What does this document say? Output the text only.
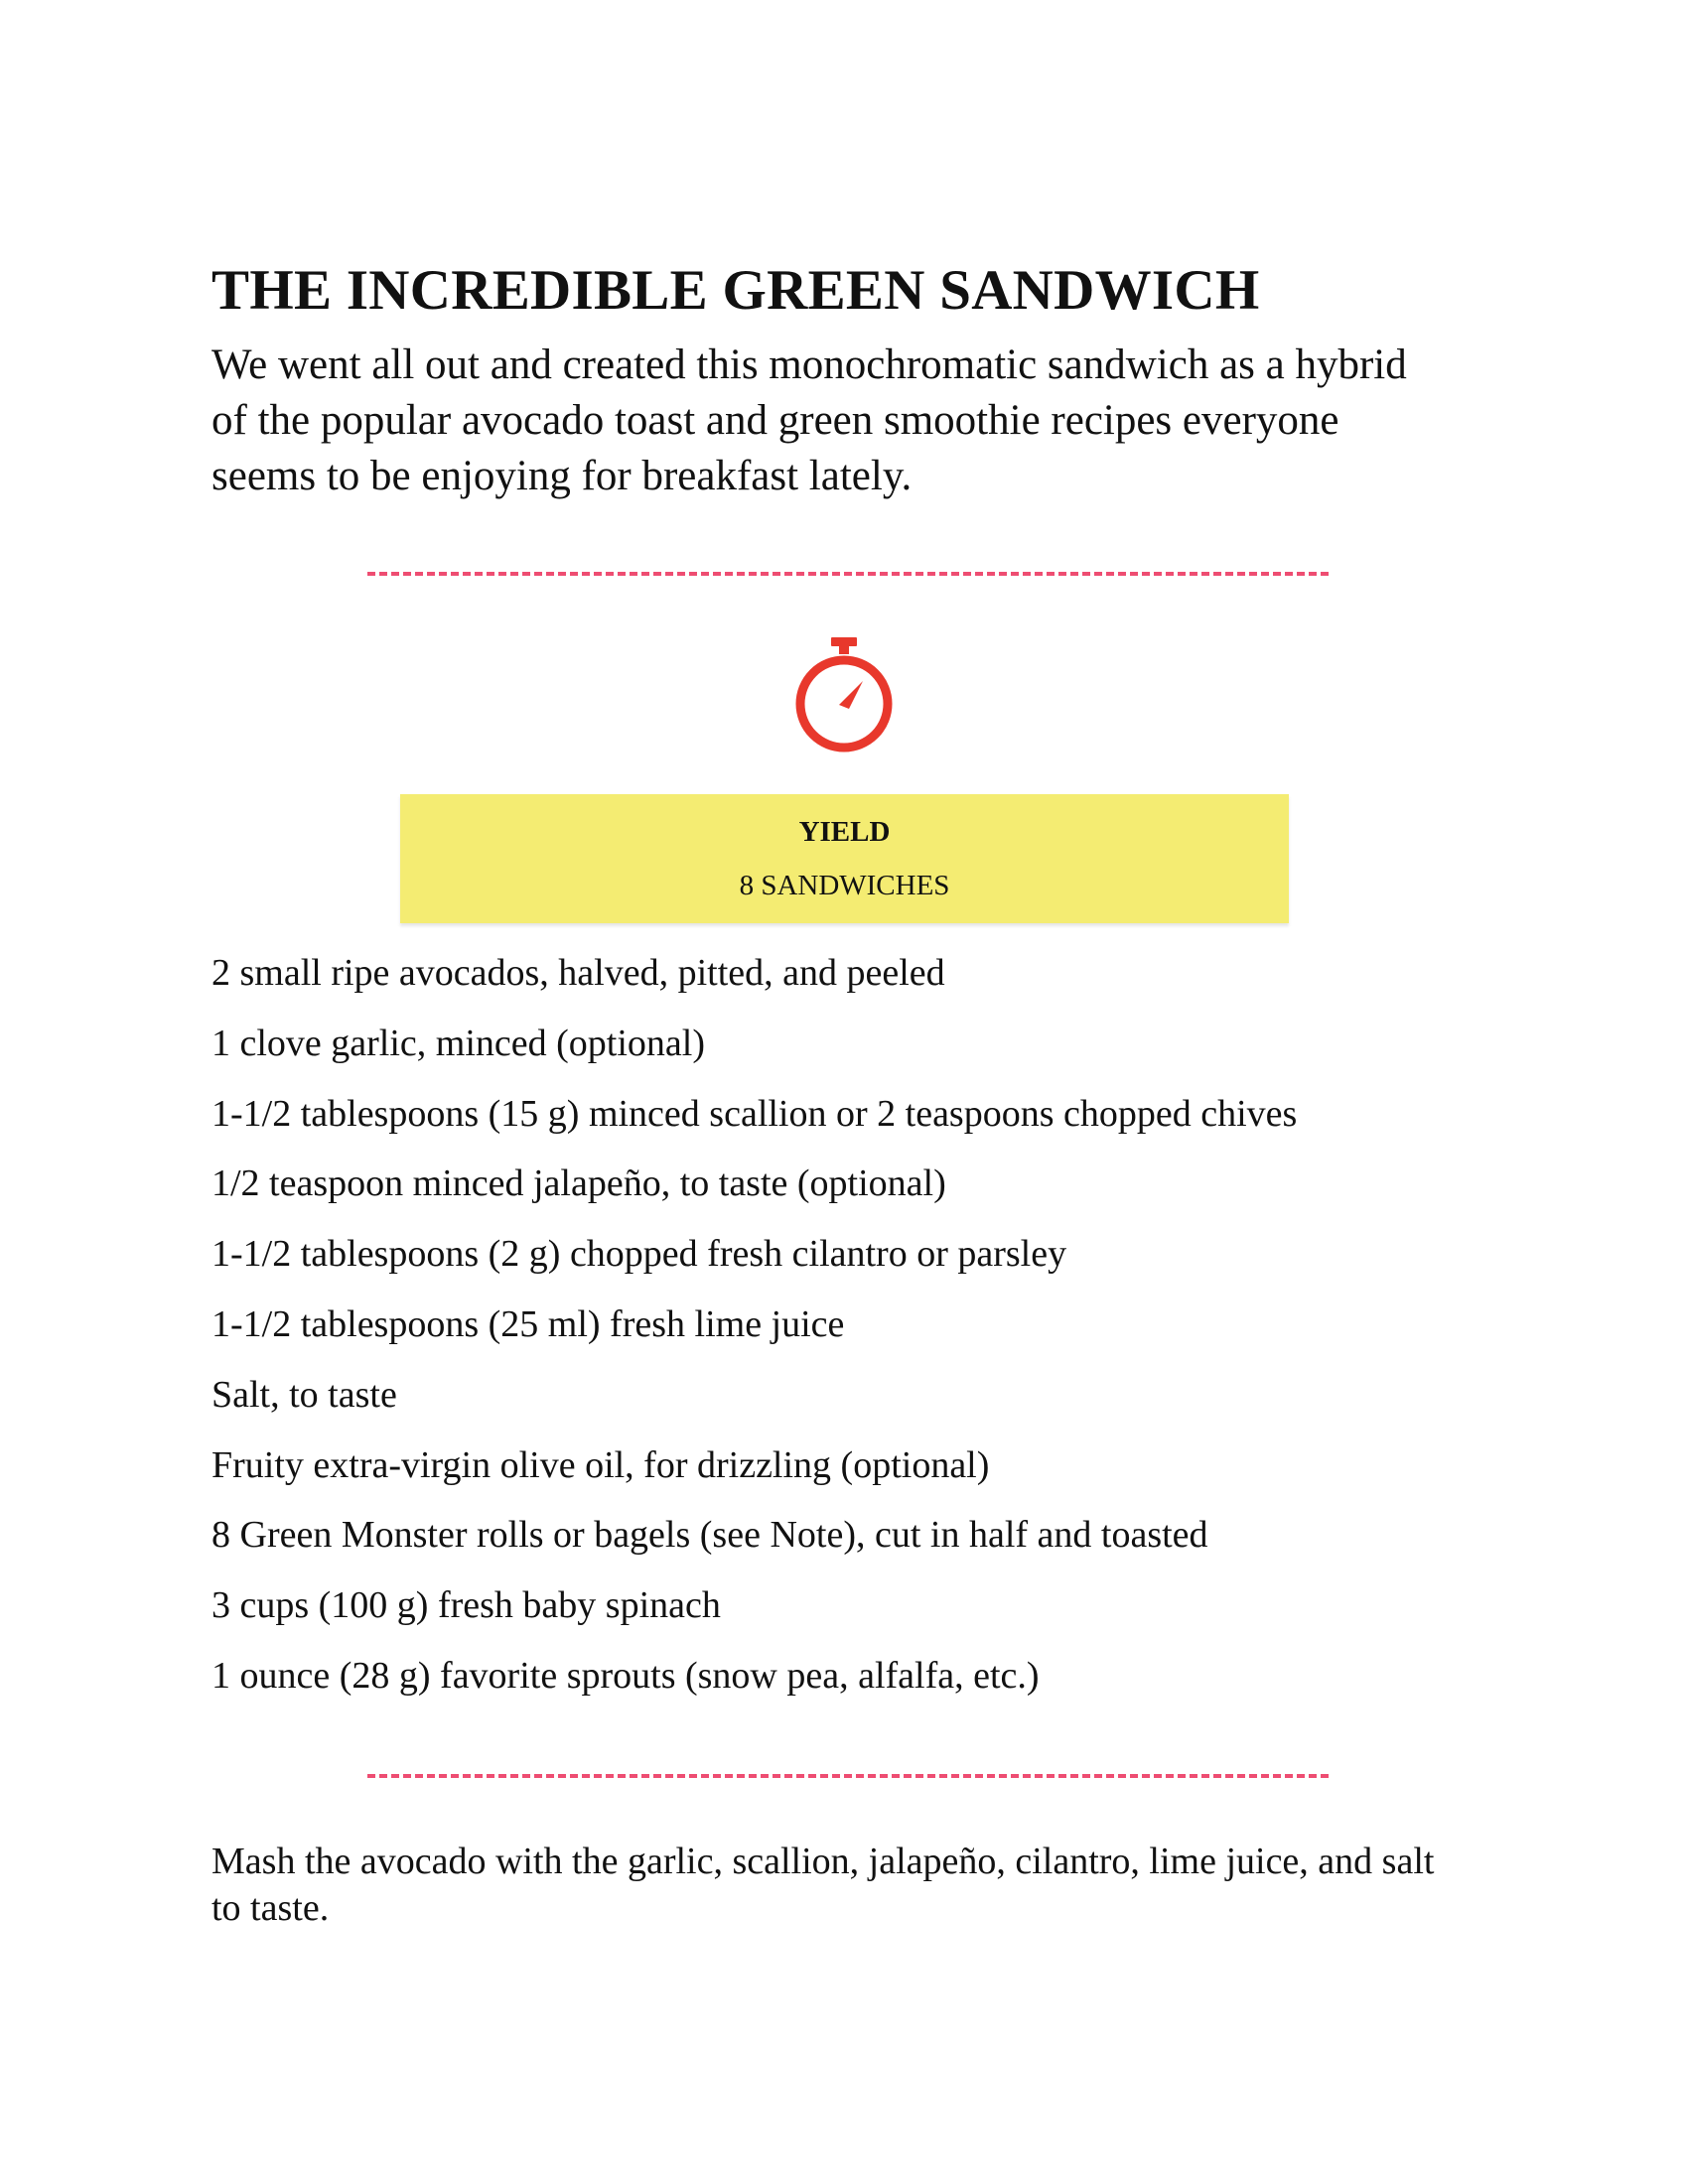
THE INCREDIBLE GREEN SANDWICH

We went all out and created this monochromatic sandwich as a hybrid of the popular avocado toast and green smoothie recipes everyone seems to be enjoying for breakfast lately.

YIELD
8 SANDWICHES
2 small ripe avocados, halved, pitted, and peeled
1 clove garlic, minced (optional)
1-1/2 tablespoons (15 g) minced scallion or 2 teaspoons chopped chives
1/2 teaspoon minced jalapeño, to taste (optional)
1-1/2 tablespoons (2 g) chopped fresh cilantro or parsley
1-1/2 tablespoons (25 ml) fresh lime juice
Salt, to taste
Fruity extra-virgin olive oil, for drizzling (optional)
8 Green Monster rolls or bagels (see Note), cut in half and toasted
3 cups (100 g) fresh baby spinach
1 ounce (28 g) favorite sprouts (snow pea, alfalfa, etc.)

Mash the avocado with the garlic, scallion, jalapeño, cilantro, lime juice, and salt to taste.
